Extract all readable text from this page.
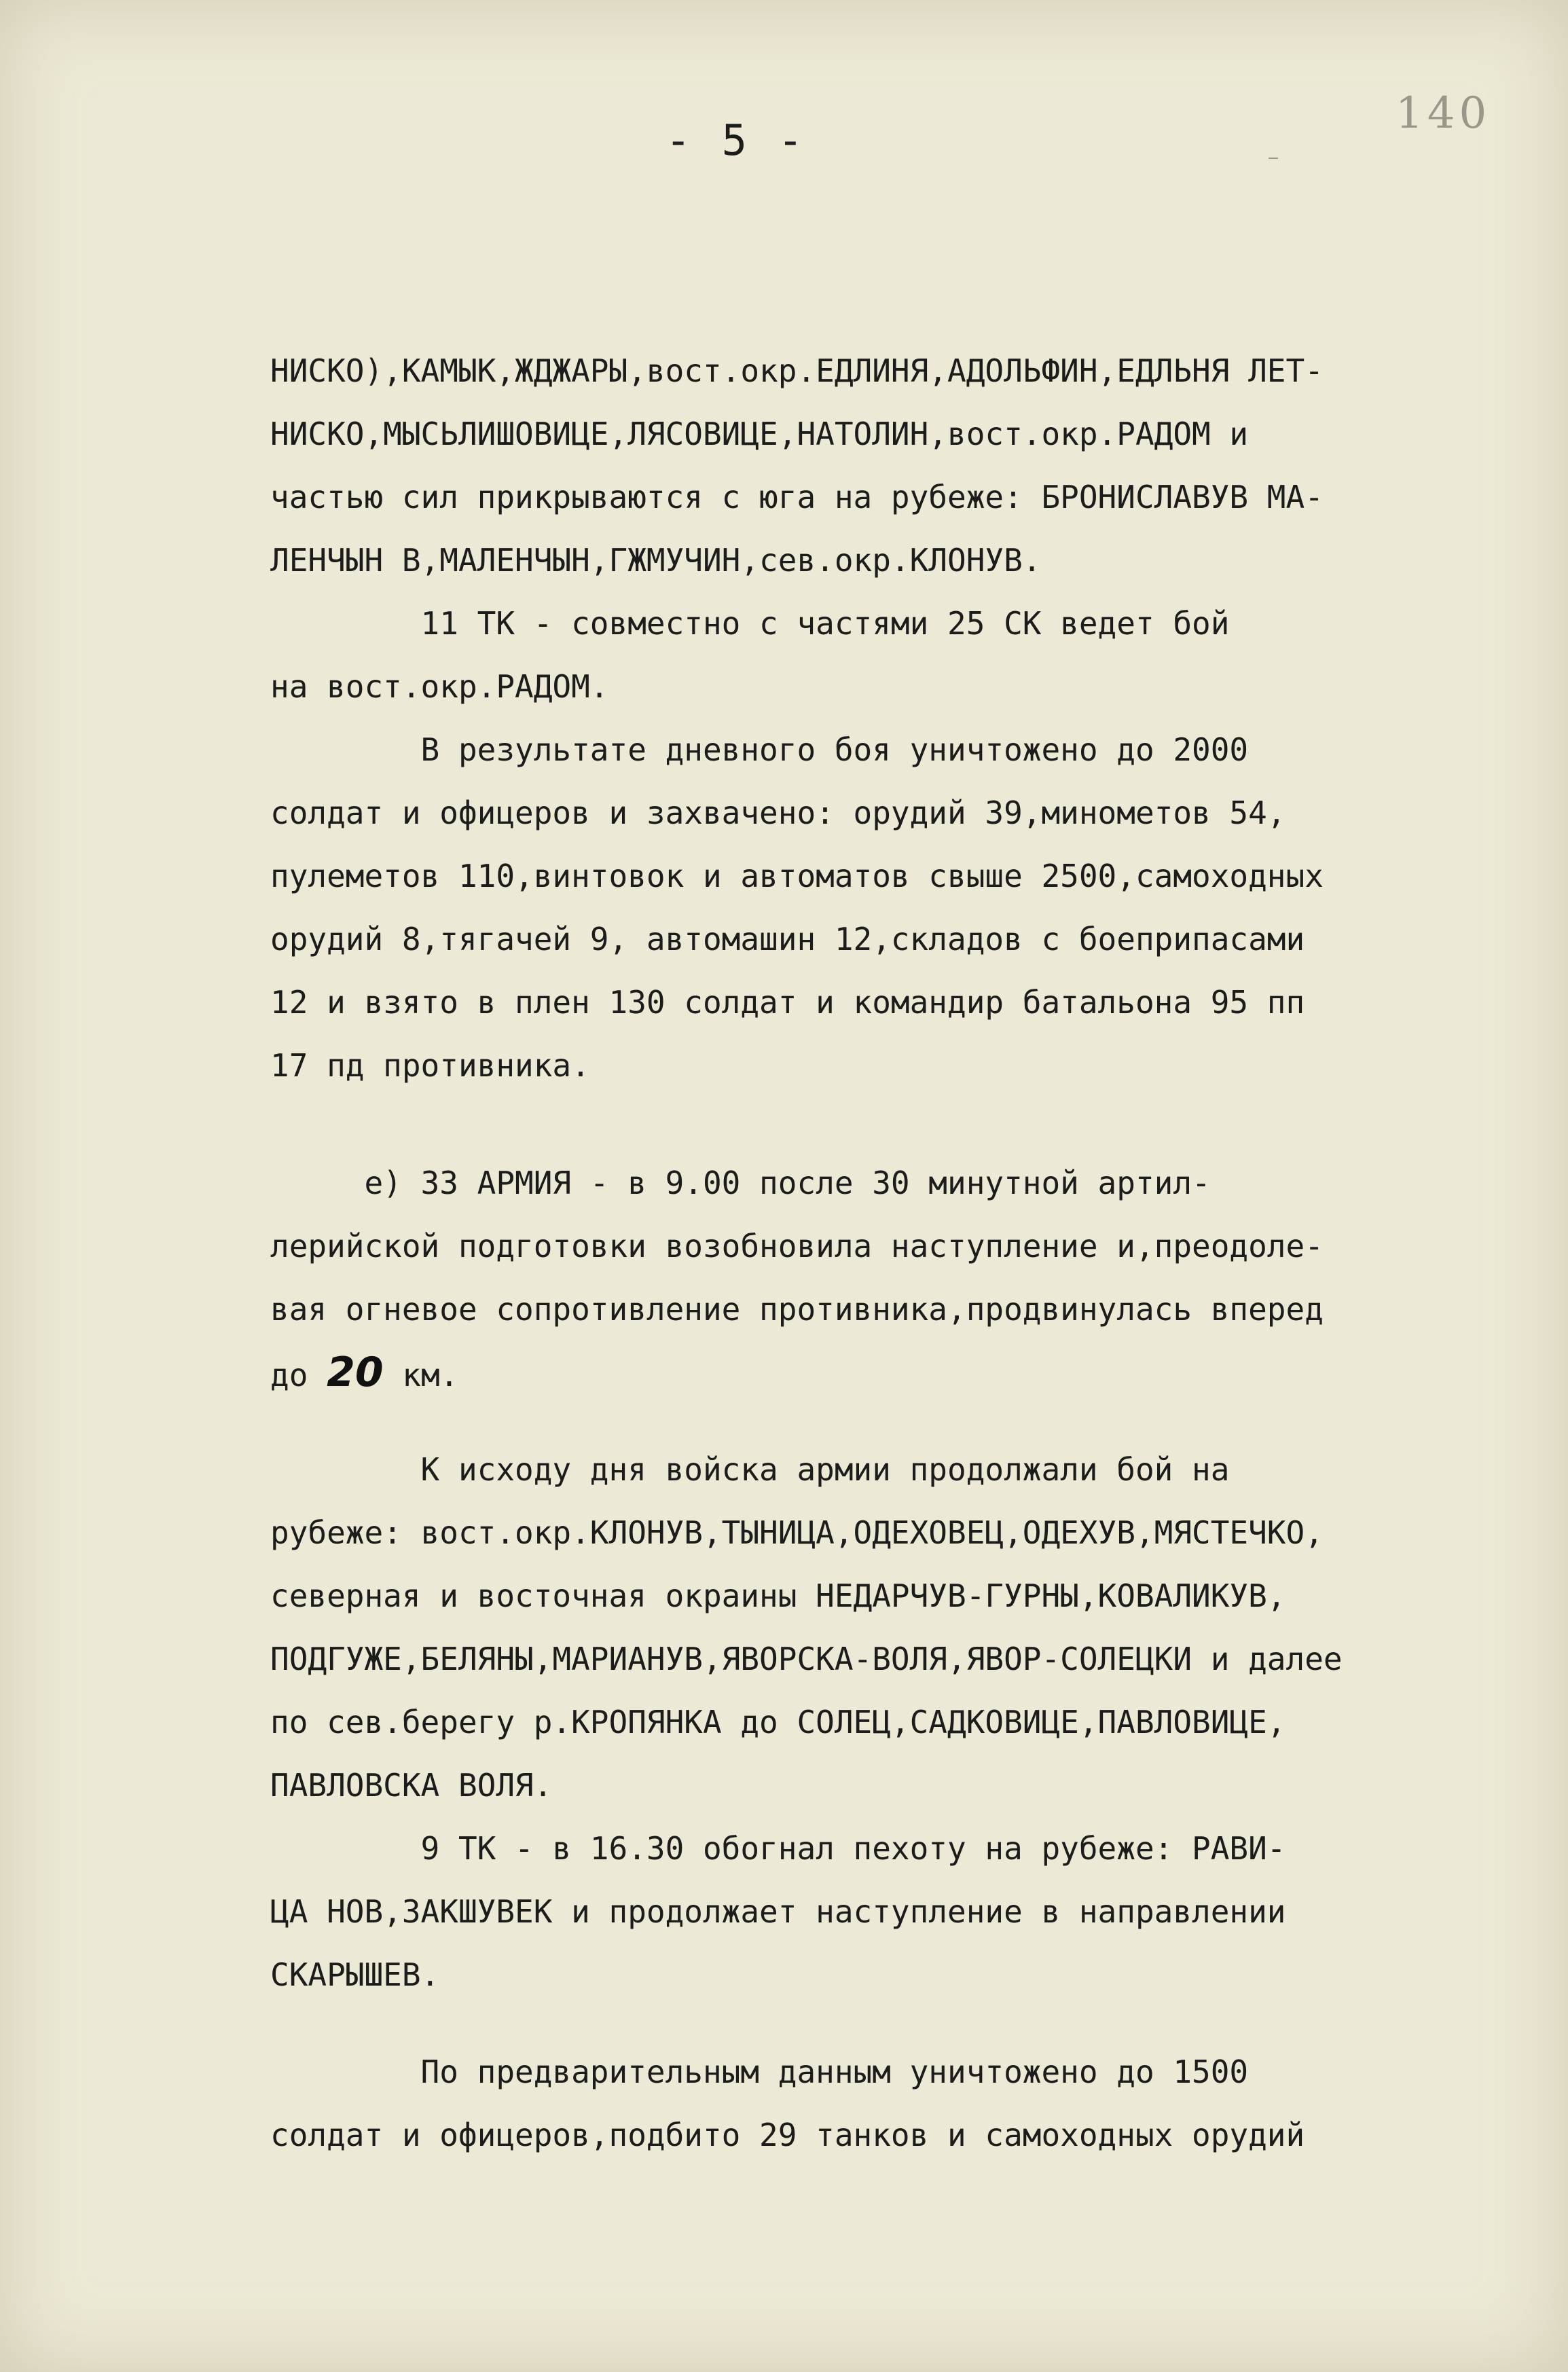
- 5 -
140
НИСКО),КАМЫК,ЖДЖАРЫ,вост.окр.ЕДЛИНЯ,АДОЛЬФИН,ЕДЛЬНЯ ЛЕТ-
НИСКО,МЫСЬЛИШОВИЦЕ,ЛЯСОВИЦЕ,НАТОЛИН,вост.окр.РАДОМ и
частью сил прикрываются с юга на рубеже: БРОНИСЛАВУВ МА-
ЛЕНЧЫН В,МАЛЕНЧЫН,ГЖМУЧИН,сев.окр.КЛОНУВ.
11 ТК - совместно с частями 25 СК ведет бой
на вост.окр.РАДОМ.
В результате дневного боя уничтожено до 2000
солдат и офицеров и захвачено: орудий 39,минометов 54,
пулеметов 110,винтовок и автоматов свыше 2500,самоходных
орудий 8,тягачей 9, автомашин 12,складов с боеприпасами
12 и взято в плен 130 солдат и командир батальона 95 пп
17 пд противника.
е) 33 АРМИЯ - в 9.00 после 30 минутной артил-
лерийской подготовки возобновила наступление и,преодоле-
вая огневое сопротивление противника,продвинулась вперед
до 20 км.
К исходу дня войска армии продолжали бой на
рубеже: вост.окр.КЛОНУВ,ТЫНИЦА,ОДЕХОВЕЦ,ОДЕХУВ,МЯСТЕЧКО,
северная и восточная окраины НЕДАРЧУВ-ГУРНЫ,КОВАЛИКУВ,
ПОДГУЖЕ,БЕЛЯНЫ,МАРИАНУВ,ЯВОРСКА-ВОЛЯ,ЯВОР-СОЛЕЦКИ и далее
по сев.берегу р.КРОПЯНКА до СОЛЕЦ,САДКОВИЦЕ,ПАВЛОВИЦЕ,
ПАВЛОВСКА ВОЛЯ.
9 ТК - в 16.30 обогнал пехоту на рубеже: РАВИ-
ЦА НОВ,ЗАКШУВЕК и продолжает наступление в направлении
СКАРЫШЕВ.
По предварительным данным уничтожено до 1500
солдат и офицеров,подбито 29 танков и самоходных орудий
